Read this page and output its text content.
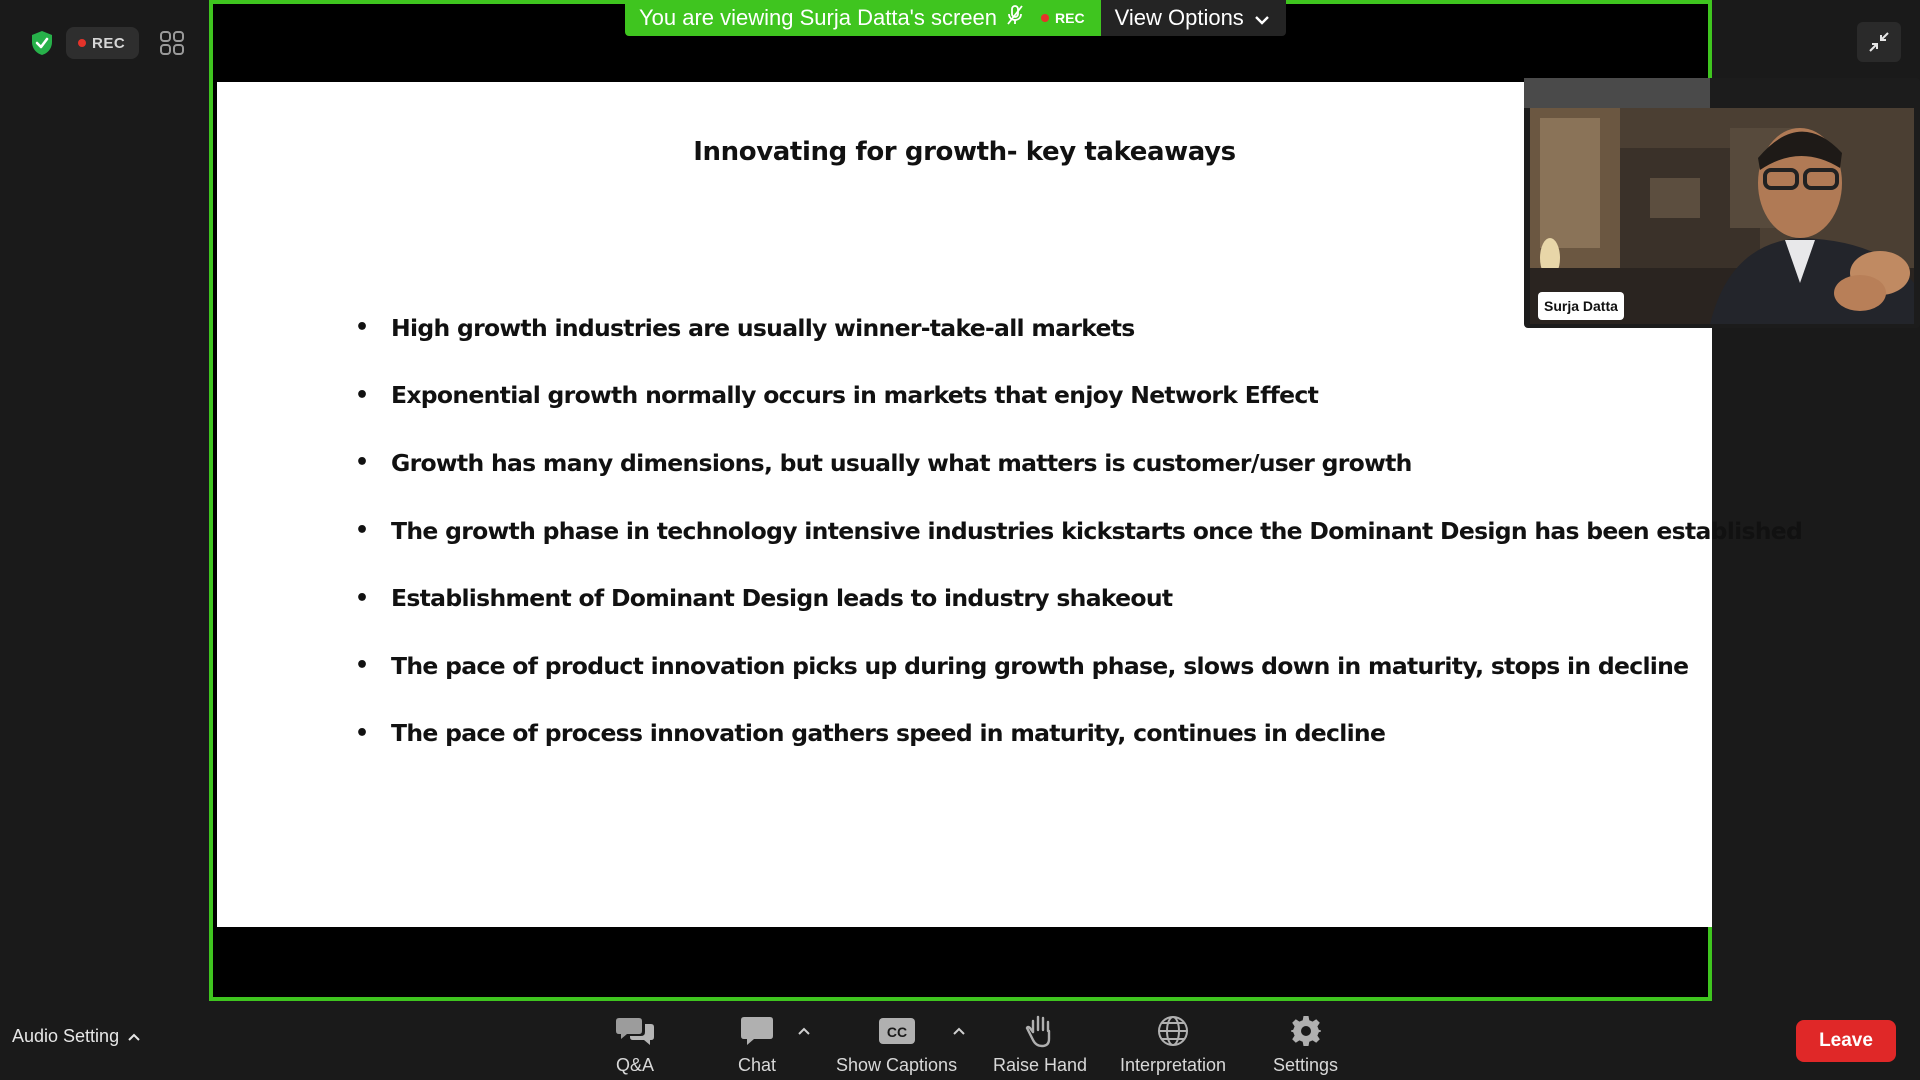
REC
Innovating for growth- key takeaways
• High growth industries are usually winner-take-all markets
• Exponential growth normally occurs in markets that enjoy Network Effect
• Growth has many dimensions, but usually what matters is customer/user growth
• The growth phase in technology intensive industries kickstarts once the Dominant Design has been established
• Establishment of Dominant Design leads to industry shakeout
• The pace of product innovation picks up during growth phase, slows down in maturity, stops in decline
• The pace of process innovation gathers speed in maturity, continues in decline
You are viewing Surja Datta's screen	REC View Options
Surja Datta
Audio Setting
Q&A	Chat
CC
Show Captions Raise Hand Interpretation	Settings
Leave
